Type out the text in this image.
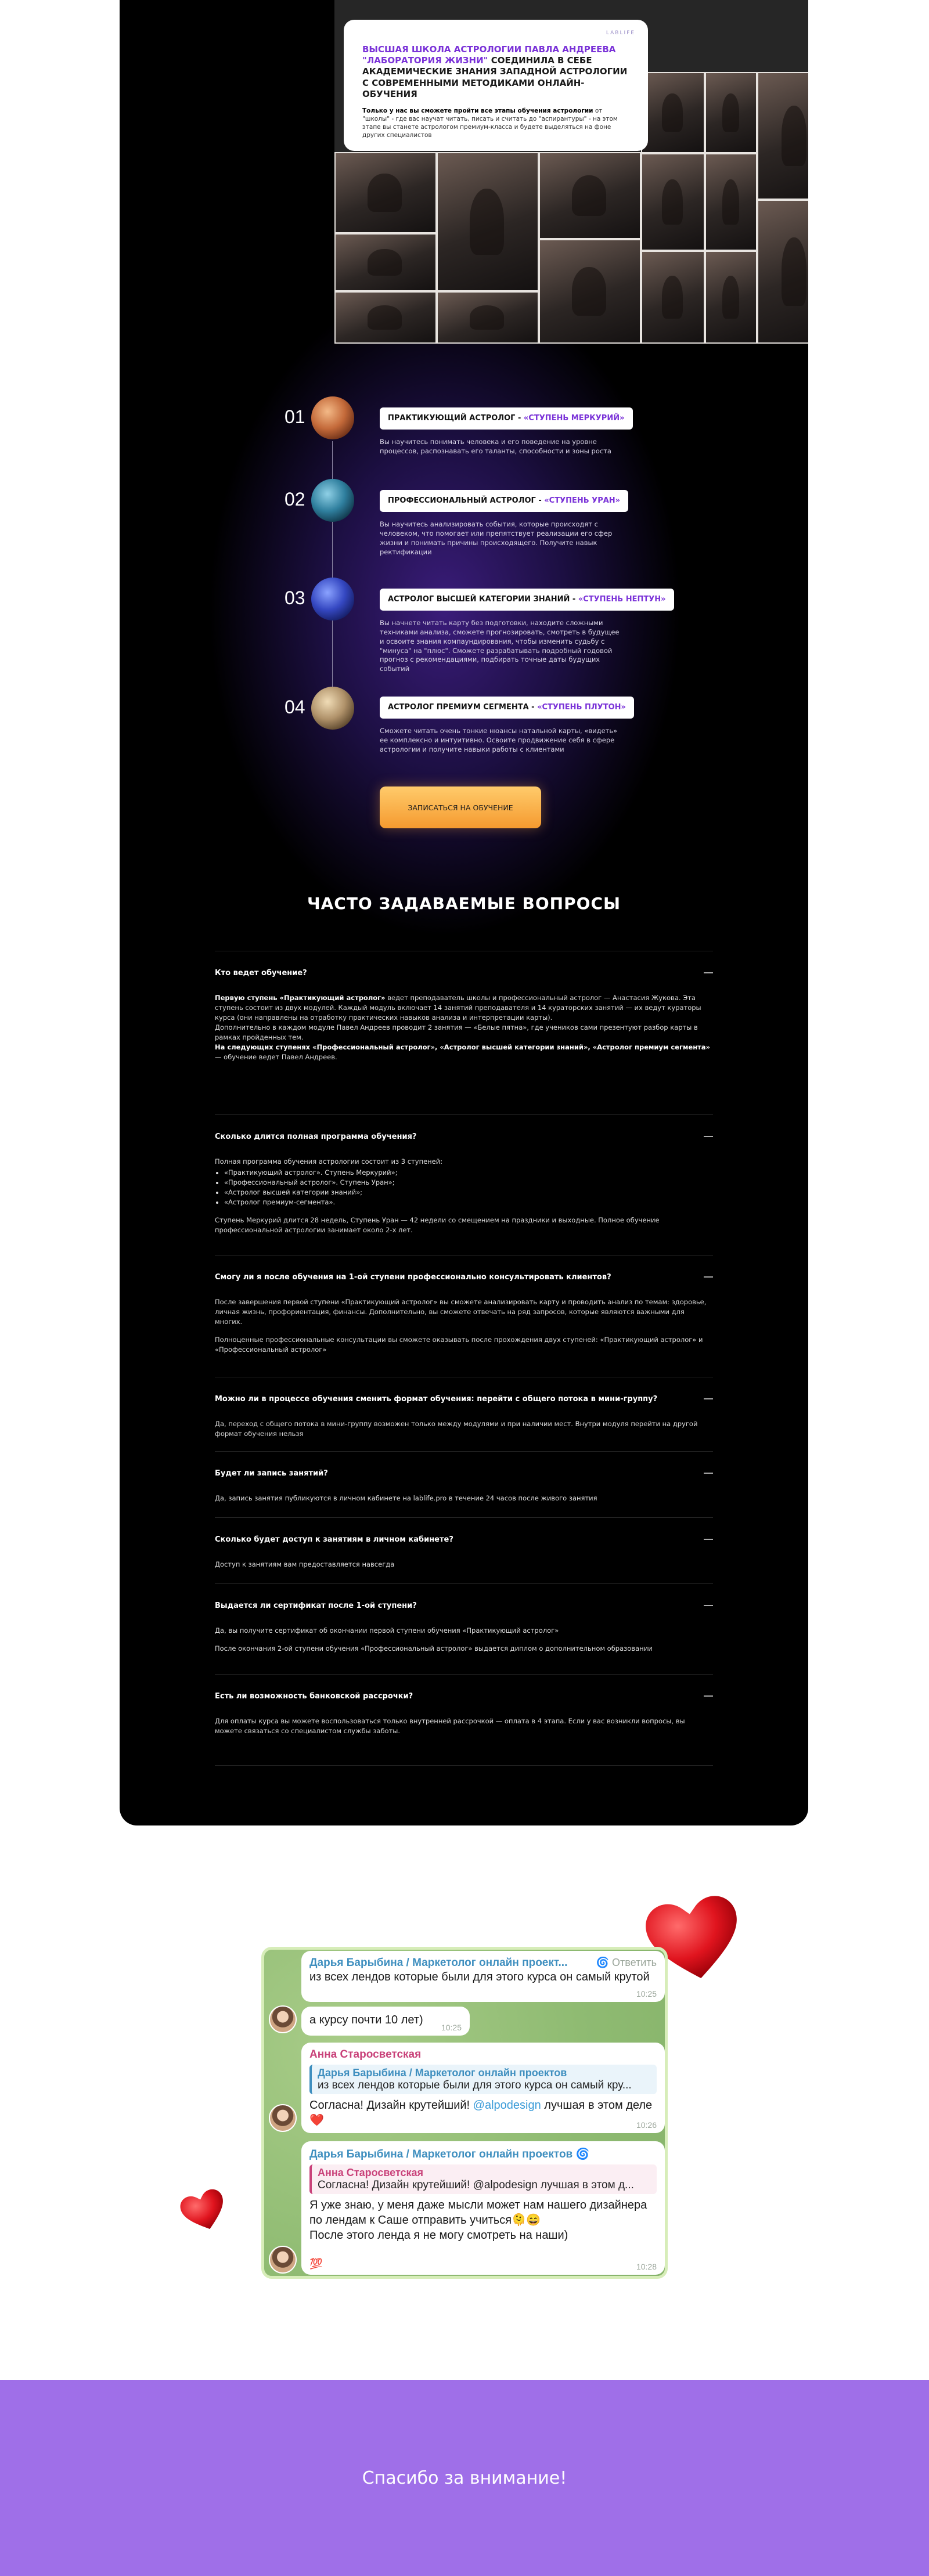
LABLIFE
ВЫСШАЯ ШКОЛА АСТРОЛОГИИ ПАВЛА АНДРЕЕВА "ЛАБОРАТОРИЯ ЖИЗНИ" СОЕДИНИЛА В СЕБЕ АКАДЕМИЧЕСКИЕ ЗНАНИЯ ЗАПАДНОЙ АСТРОЛОГИИ С СОВРЕМЕННЫМИ МЕТОДИКАМИ ОНЛАЙН-ОБУЧЕНИЯ
Только у нас вы сможете пройти все этапы обучения астрологии от "школы" - где вас научат читать, писать и считать до "аспирантуры" - на этом этапе вы станете астрологом премиум-класса и будете выделяться на фоне других специалистов
01	ПРАКТИКУЮЩИЙ АСТРОЛОГ - «СТУПЕНЬ МЕРКУРИЙ»
Вы научитесь понимать человека и его поведение на уровне процессов, распознавать его таланты, способности и зоны роста
02	ПРОФЕССИОНАЛЬНЫЙ АСТРОЛОГ - «СТУПЕНЬ УРАН»
Вы научитесь анализировать события, которые происходят с человеком, что помогает или препятствует реализации его сфер жизни и понимать причины происходящего. Получите навык ректификации
03	АСТРОЛОГ ВЫСШЕЙ КАТЕГОРИИ ЗНАНИЙ - «СТУПЕНЬ НЕПТУН»
Вы начнете читать карту без подготовки, находите сложными техниками анализа, сможете прогнозировать, смотреть в будущее и освоите знания компаундирования, чтобы изменить судьбу с "минуса" на "плюс". Сможете разрабатывать подробный годовой прогноз с рекомендациями, подбирать точные даты будущих событий
04	АСТРОЛОГ ПРЕМИУМ СЕГМЕНТА - «СТУПЕНЬ ПЛУТОН»
Сможете читать очень тонкие нюансы натальной карты, «видеть» ее комплексно и интуитивно. Освоите продвижение себя в сфере астрологии и получите навыки работы с клиентами
ЗАПИСАТЬСЯ НА ОБУЧЕНИЕ
ЧАСТО ЗАДАВАЕМЫЕ ВОПРОСЫ
Кто ведет обучение?
Первую ступень «Практикующий астролог» ведет преподаватель школы и профессиональный астролог — Анастасия Жукова. Эта ступень состоит из двух модулей. Каждый модуль включает 14 занятий преподавателя и 14 кураторских занятий — их ведут кураторы курса (они направлены на отработку практических навыков анализа и интерпретации карты).
Дополнительно в каждом модуле Павел Андреев проводит 2 занятия — «Белые пятна», где учеников сами презентуют разбор карты в рамках пройденных тем.
На следующих ступенях «Профессиональный астролог», «Астролог высшей категории знаний», «Астролог премиум сегмента» — обучение ведет Павел Андреев.
Сколько длится полная программа обучения?

Полная программа обучения астрологии состоит из 3 ступеней:

• «Практикующий астролог». Ступень Меркурий»;
• «Профессиональный астролог». Ступень Уран»;
• «Астролог высшей категории знаний»;
• «Астролог премиум-сегмента».

Ступень Меркурий длится 28 недель, Ступень Уран — 42 недели со смещением на праздники и выходные. Полное обучение профессиональной астрологии занимает около 2-х лет.

Смогу ли я после обучения на 1-ой ступени профессионально консультировать клиентов?

После завершения первой ступени «Практикующий астролог» вы сможете анализировать карту и проводить анализ по темам: здоровье, личная жизнь, профориентация, финансы. Дополнительно, вы сможете отвечать на ряд запросов, которые являются важными для многих.

Полноценные профессиональные консультации вы сможете оказывать после прохождения двух ступеней: «Практикующий астролог» и «Профессиональный астролог»

Можно ли в процессе обучения сменить формат обучения: перейти с общего потока в мини-группу?

Да, переход с общего потока в мини-группу возможен только между модулями и при наличии мест. Внутри модуля перейти на другой формат обучения нельзя

Будет ли запись занятий?

Да, запись занятия публикуются в личном кабинете на lablife.pro в течение 24 часов после живого занятия

Сколько будет доступ к занятиям в личном кабинете?

Доступ к занятиям вам предоставляется навсегда

Выдается ли сертификат после 1-ой ступени?

Да, вы получите сертификат об окончании первой ступени обучения «Практикующий астролог»

После окончания 2-ой ступени обучения «Профессиональный астролог» выдается диплом о дополнительном образовании

Есть ли возможность банковской рассрочки?

Для оплаты курса вы можете воспользоваться только внутренней рассрочкой — оплата в 4 этапа. Если у вас возникли вопросы, вы можете связаться со специалистом службы заботы.

Дарья Барыбина / Маркетолог онлайн проект...	🌀 Ответить
из всех лендов которые были для этого курса он самый крутой
10:25
а курсу почти 10 лет)
10:25
Анна Старосветская
Дарья Барыбина / Маркетолог онлайн проектов
из всех лендов которые были для этого курса он самый кру...
Согласна! Дизайн крутейший! @alpodesign лучшая в этом деле
❤️	10:26
Дарья Барыбина / Маркетолог онлайн проектов 🌀
Анна Старосветская
Согласна! Дизайн крутейший! @alpodesign лучшая в этом д...
Я уже знаю, у меня даже мысли может нам нашего дизайнера
по лендам к Саше отправить учиться🫠😄
После этого ленда я не могу смотреть на наши)
💯	10:28
Спасибо за внимание!
